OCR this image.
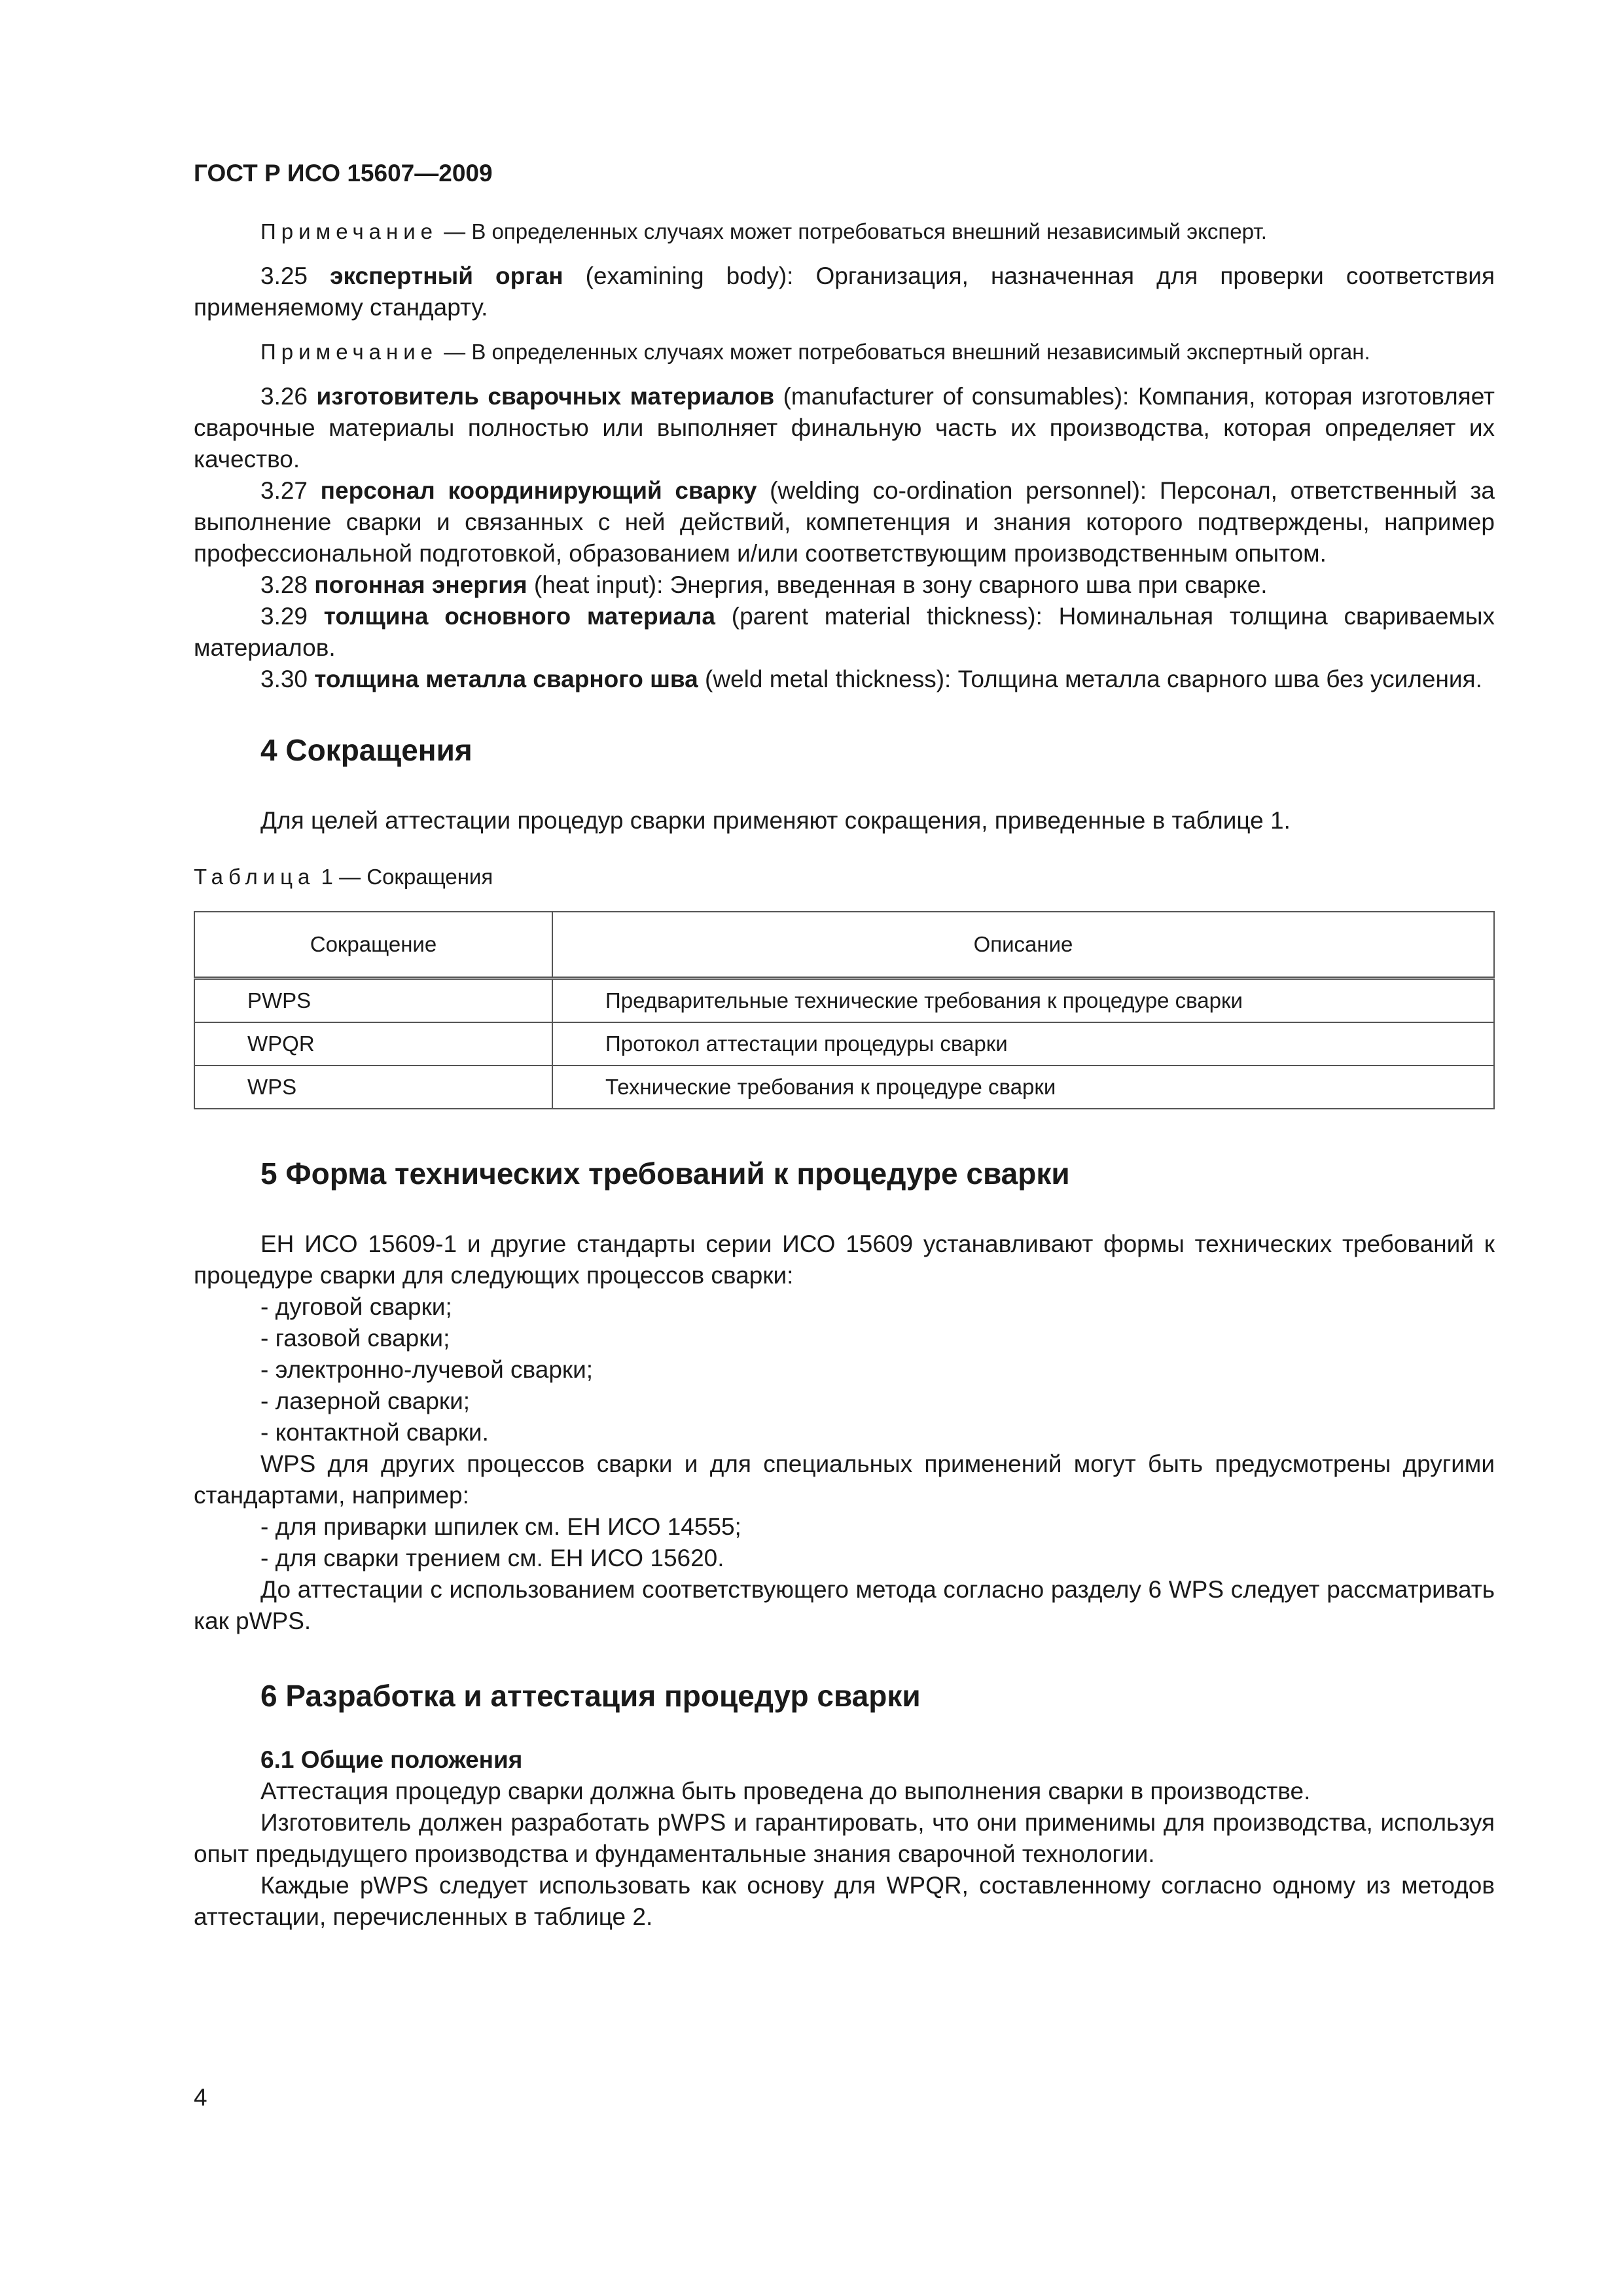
ГОСТ Р ИСО 15607—2009

Примечание — В определенных случаях может потребоваться внешний независимый эксперт.

3.25 экспертный орган (examining body): Организация, назначенная для проверки соответствия применяемому стандарту.

Примечание — В определенных случаях может потребоваться внешний независимый экспертный орган.

3.26 изготовитель сварочных материалов (manufacturer of consumables): Компания, которая изготовляет сварочные материалы полностью или выполняет финальную часть их производства, которая определяет их качество.

3.27 персонал координирующий сварку (welding co-ordination personnel): Персонал, ответственный за выполнение сварки и связанных с ней действий, компетенция и знания которого подтверждены, например профессиональной подготовкой, образованием и/или соответствующим производственным опытом.

3.28 погонная энергия (heat input): Энергия, введенная в зону сварного шва при сварке.

3.29 толщина основного материала (parent material thickness): Номинальная толщина свариваемых материалов.

3.30 толщина металла сварного шва (weld metal thickness): Толщина металла сварного шва без усиления.

4 Сокращения

Для целей аттестации процедур сварки применяют сокращения, приведенные в таблице 1.

Таблица 1 — Сокращения

Сокращение	Описание
PWPS	Предварительные технические требования к процедуре сварки
WPQR	Протокол аттестации процедуры сварки
WPS	Технические требования к процедуре сварки
5 Форма технических требований к процедуре сварки

ЕН ИСО 15609-1 и другие стандарты серии ИСО 15609 устанавливают формы технических требований к процедуре сварки для следующих процессов сварки:

- дуговой сварки;

- газовой сварки;

- электронно-лучевой сварки;

- лазерной сварки;

- контактной сварки.

WPS для других процессов сварки и для специальных применений могут быть предусмотрены другими стандартами, например:

- для приварки шпилек см. ЕН ИСО 14555;

- для сварки трением см. ЕН ИСО 15620.

До аттестации с использованием соответствующего метода согласно разделу 6 WPS следует рассматривать как pWPS.

6 Разработка и аттестация процедур сварки
6.1 Общие положения

Аттестация процедур сварки должна быть проведена до выполнения сварки в производстве.

Изготовитель должен разработать pWPS и гарантировать, что они применимы для производства, используя опыт предыдущего производства и фундаментальные знания сварочной технологии.

Каждые pWPS следует использовать как основу для WPQR, составленному согласно одному из методов аттестации, перечисленных в таблице 2.

4
